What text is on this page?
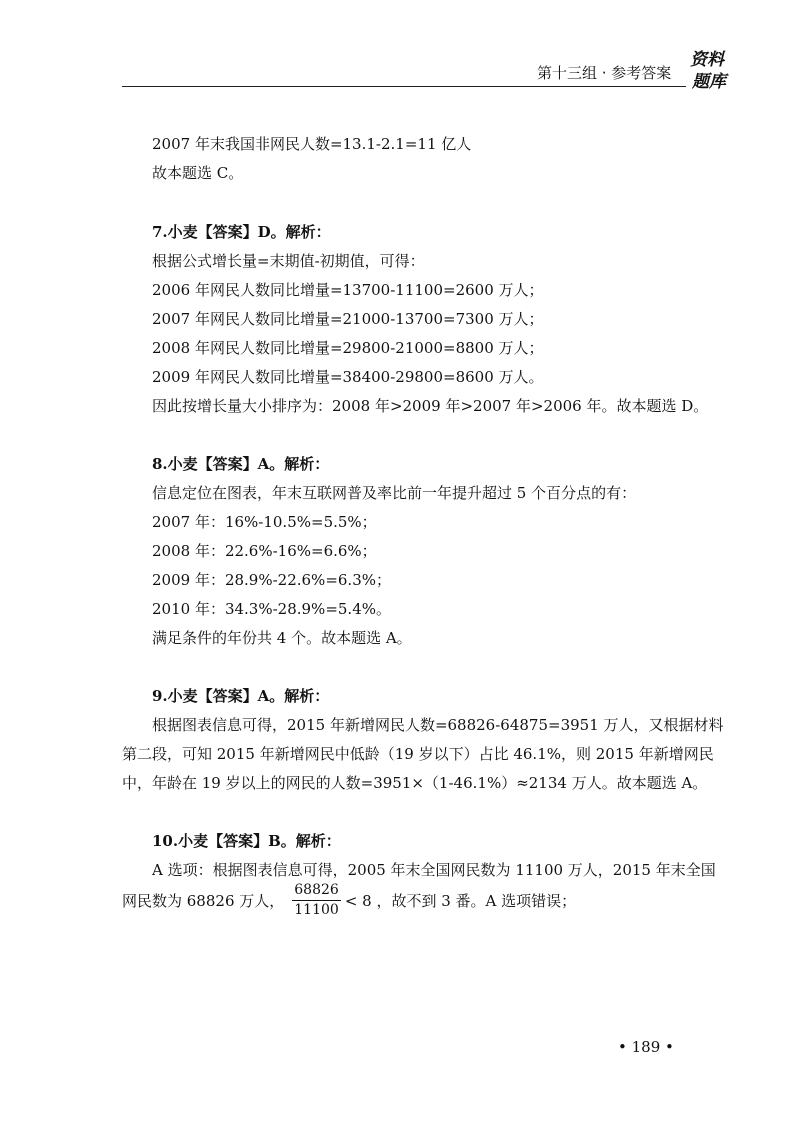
第十三组 · 参考答案
资料
题库
2007 年末我国非网民人数=13.1-2.1=11 亿人
故本题选 C。
7.小麦【答案】D。解析：
根据公式增长量=末期值-初期值，可得：
2006 年网民人数同比增量=13700-11100=2600 万人；
2007 年网民人数同比增量=21000-13700=7300 万人；
2008 年网民人数同比增量=29800-21000=8800 万人；
2009 年网民人数同比增量=38400-29800=8600 万人。
因此按增长量大小排序为：2008 年>2009 年>2007 年>2006 年。故本题选 D。
8.小麦【答案】A。解析：
信息定位在图表，年末互联网普及率比前一年提升超过 5 个百分点的有：
2007 年：16%-10.5%=5.5%；
2008 年：22.6%-16%=6.6%；
2009 年：28.9%-22.6%=6.3%；
2010 年：34.3%-28.9%=5.4%。
满足条件的年份共 4 个。故本题选 A。
9.小麦【答案】A。解析：
根据图表信息可得，2015 年新增网民人数=68826-64875=3951 万人，又根据材料
第二段，可知 2015 年新增网民中低龄（19 岁以下）占比 46.1%，则 2015 年新增网民
中，年龄在 19 岁以上的网民的人数=3951×（1-46.1%）≈2134 万人。故本题选 A。
10.小麦【答案】B。解析：
A 选项：根据图表信息可得，2005 年末全国网民数为 11100 万人，2015 年末全国
网民数为 68826 万人， $\frac{68826}{11100} < 8$ ，故不到 3 番。A 选项错误；
• 189 •
